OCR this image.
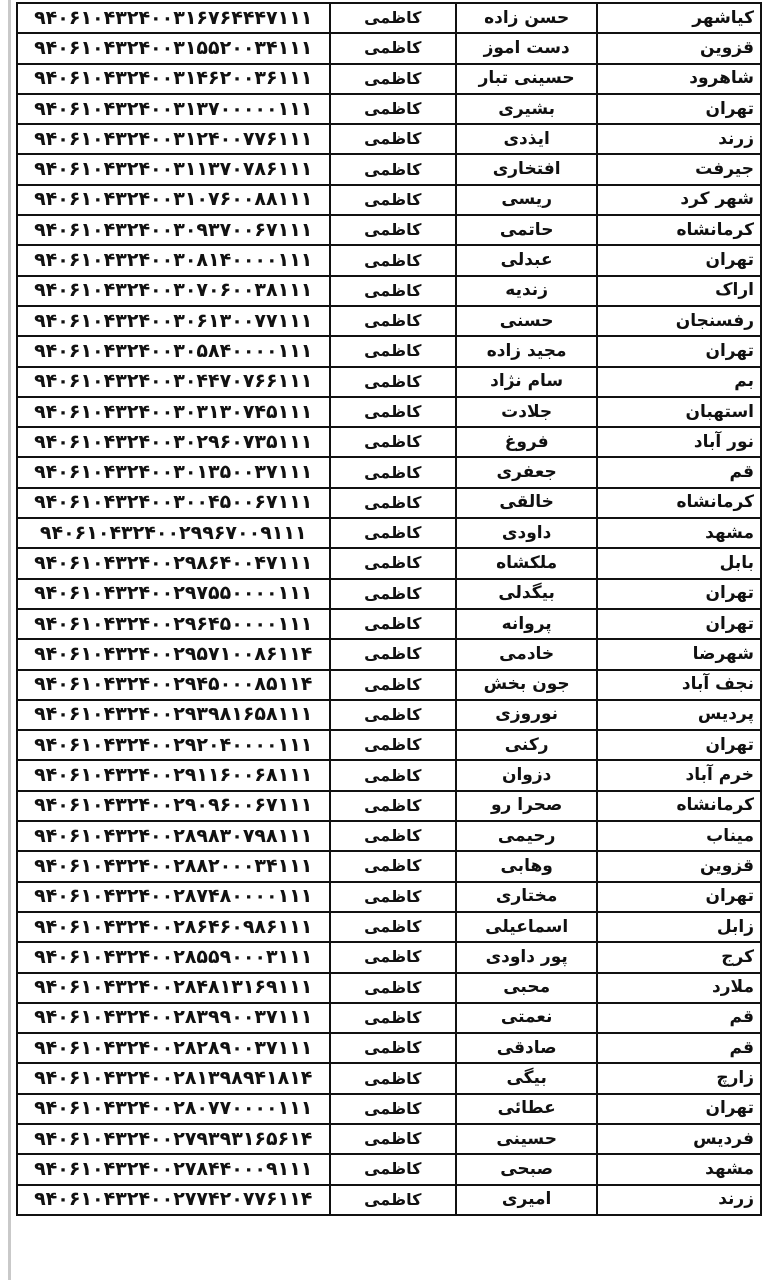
کیاشهر	حسن زاده	کاظمی	۹۴۰۶۱۰۴۳۲۴۰۰۳۱۶۷۶۴۴۴۷۱۱۱
قزوین	دست اموز	کاظمی	۹۴۰۶۱۰۴۳۲۴۰۰۳۱۵۵۲۰۰۳۴۱۱۱
شاهرود	حسینی تبار	کاظمی	۹۴۰۶۱۰۴۳۲۴۰۰۳۱۴۶۲۰۰۳۶۱۱۱
تهران	بشیری	کاظمی	۹۴۰۶۱۰۴۳۲۴۰۰۳۱۳۷۰۰۰۰۰۱۱۱
زرند	ایذدی	کاظمی	۹۴۰۶۱۰۴۳۲۴۰۰۳۱۲۴۰۰۷۷۶۱۱۱
جیرفت	افتخاری	کاظمی	۹۴۰۶۱۰۴۳۲۴۰۰۳۱۱۳۷۰۷۸۶۱۱۱
شهر کرد	ریسی	کاظمی	۹۴۰۶۱۰۴۳۲۴۰۰۳۱۰۷۶۰۰۸۸۱۱۱
کرمانشاه	حاتمی	کاظمی	۹۴۰۶۱۰۴۳۲۴۰۰۳۰۹۳۷۰۰۶۷۱۱۱
تهران	عبدلی	کاظمی	۹۴۰۶۱۰۴۳۲۴۰۰۳۰۸۱۴۰۰۰۰۱۱۱
اراک	زندیه	کاظمی	۹۴۰۶۱۰۴۳۲۴۰۰۳۰۷۰۶۰۰۳۸۱۱۱
رفسنجان	حسنی	کاظمی	۹۴۰۶۱۰۴۳۲۴۰۰۳۰۶۱۳۰۰۷۷۱۱۱
تهران	مجید زاده	کاظمی	۹۴۰۶۱۰۴۳۲۴۰۰۳۰۵۸۴۰۰۰۰۱۱۱
بم	سام نژاد	کاظمی	۹۴۰۶۱۰۴۳۲۴۰۰۳۰۴۴۷۰۷۶۶۱۱۱
استهبان	جلادت	کاظمی	۹۴۰۶۱۰۴۳۲۴۰۰۳۰۳۱۳۰۷۴۵۱۱۱
نور آباد	فروغ	کاظمی	۹۴۰۶۱۰۴۳۲۴۰۰۳۰۲۹۶۰۷۳۵۱۱۱
قم	جعفری	کاظمی	۹۴۰۶۱۰۴۳۲۴۰۰۳۰۱۳۵۰۰۳۷۱۱۱
کرمانشاه	خالقی	کاظمی	۹۴۰۶۱۰۴۳۲۴۰۰۳۰۰۴۵۰۰۶۷۱۱۱
مشهد	داودی	کاظمی	۹۴۰۶۱۰۴۳۲۴۰۰۲۹۹۶۷۰۰۹۱۱۱
بابل	ملکشاه	کاظمی	۹۴۰۶۱۰۴۳۲۴۰۰۲۹۸۶۴۰۰۴۷۱۱۱
تهران	بیگدلی	کاظمی	۹۴۰۶۱۰۴۳۲۴۰۰۲۹۷۵۵۰۰۰۰۱۱۱
تهران	پروانه	کاظمی	۹۴۰۶۱۰۴۳۲۴۰۰۲۹۶۴۵۰۰۰۰۱۱۱
شهرضا	خادمی	کاظمی	۹۴۰۶۱۰۴۳۲۴۰۰۲۹۵۷۱۰۰۸۶۱۱۴
نجف آباد	جون بخش	کاظمی	۹۴۰۶۱۰۴۳۲۴۰۰۲۹۴۵۰۰۰۸۵۱۱۴
پردیس	نوروزی	کاظمی	۹۴۰۶۱۰۴۳۲۴۰۰۲۹۳۹۸۱۶۵۸۱۱۱
تهران	رکنی	کاظمی	۹۴۰۶۱۰۴۳۲۴۰۰۲۹۲۰۴۰۰۰۰۱۱۱
خرم آباد	دزوان	کاظمی	۹۴۰۶۱۰۴۳۲۴۰۰۲۹۱۱۶۰۰۶۸۱۱۱
کرمانشاه	صحرا رو	کاظمی	۹۴۰۶۱۰۴۳۲۴۰۰۲۹۰۹۶۰۰۶۷۱۱۱
میناب	رحیمی	کاظمی	۹۴۰۶۱۰۴۳۲۴۰۰۲۸۹۸۳۰۷۹۸۱۱۱
قزوین	وهابی	کاظمی	۹۴۰۶۱۰۴۳۲۴۰۰۲۸۸۲۰۰۰۳۴۱۱۱
تهران	مختاری	کاظمی	۹۴۰۶۱۰۴۳۲۴۰۰۲۸۷۴۸۰۰۰۰۱۱۱
زابل	اسماعیلی	کاظمی	۹۴۰۶۱۰۴۳۲۴۰۰۲۸۶۴۶۰۹۸۶۱۱۱
کرج	پور داودی	کاظمی	۹۴۰۶۱۰۴۳۲۴۰۰۲۸۵۵۹۰۰۰۳۱۱۱
ملارد	محبی	کاظمی	۹۴۰۶۱۰۴۳۲۴۰۰۲۸۴۸۱۳۱۶۹۱۱۱
قم	نعمتی	کاظمی	۹۴۰۶۱۰۴۳۲۴۰۰۲۸۳۹۹۰۰۳۷۱۱۱
قم	صادقی	کاظمی	۹۴۰۶۱۰۴۳۲۴۰۰۲۸۲۸۹۰۰۳۷۱۱۱
زارچ	بیگی	کاظمی	۹۴۰۶۱۰۴۳۲۴۰۰۲۸۱۳۹۸۹۴۱۸۱۴
تهران	عطائی	کاظمی	۹۴۰۶۱۰۴۳۲۴۰۰۲۸۰۷۷۰۰۰۰۱۱۱
فردیس	حسینی	کاظمی	۹۴۰۶۱۰۴۳۲۴۰۰۲۷۹۳۹۳۱۶۵۶۱۴
مشهد	صبحی	کاظمی	۹۴۰۶۱۰۴۳۲۴۰۰۲۷۸۴۴۰۰۰۹۱۱۱
زرند	امیری	کاظمی	۹۴۰۶۱۰۴۳۲۴۰۰۲۷۷۴۲۰۷۷۶۱۱۴
